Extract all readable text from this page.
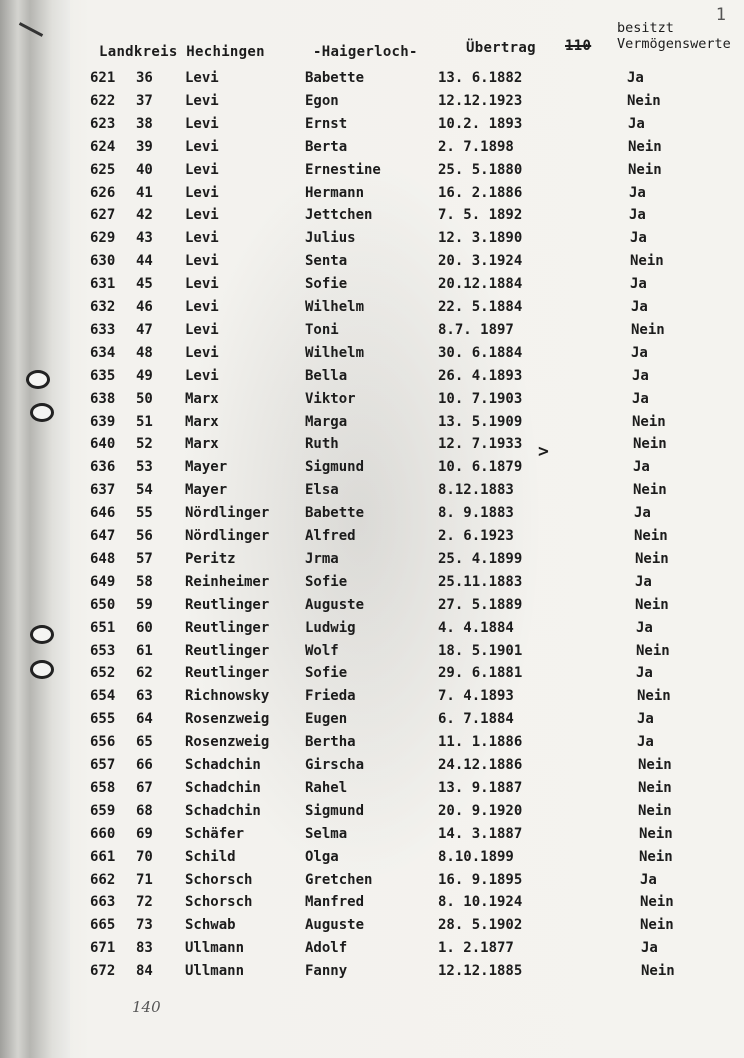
1
Landkreis Hechingen	-Haigerloch-	Übertrag 110
besitzt
Vermögenswerte
621 36 Levi	Babette	13. 6.1882	Ja
622 37 Levi	Egon	12.12.1923	Nein
623 38 Levi	Ernst	10.2. 1893	Ja
624 39 Levi	Berta	2. 7.1898	Nein
625 40 Levi	Ernestine	25. 5.1880	Nein
626 41 Levi	Hermann	16. 2.1886	Ja
627 42 Levi	Jettchen	7. 5. 1892	Ja
629 43 Levi	Julius	12. 3.1890	Ja
630 44 Levi	Senta	20. 3.1924	Nein
631 45 Levi	Sofie	20.12.1884	Ja
632 46 Levi	Wilhelm	22. 5.1884	Ja
633 47 Levi	Toni	8.7. 1897	Nein
634 48 Levi	Wilhelm	30. 6.1884	Ja
635 49 Levi	Bella	26. 4.1893	Ja
638 50 Marx	Viktor	10. 7.1903	Ja
639 51 Marx	Marga	13. 5.1909	Nein
640 52 Marx	Ruth	12. 7.1933	Nein
636 53 Mayer	Sigmund	10. 6.1879	Ja
637 54 Mayer	Elsa	8.12.1883	Nein
646 55 Nördlinger	Babette	8. 9.1883	Ja
647 56 Nördlinger	Alfred	2. 6.1923	Nein
648 57 Peritz	Jrma	25. 4.1899	Nein
649 58 Reinheimer	Sofie	25.11.1883	Ja
650 59 Reutlinger	Auguste	27. 5.1889	Nein
651 60 Reutlinger	Ludwig	4. 4.1884	Ja
653 61 Reutlinger	Wolf	18. 5.1901	Nein
652 62 Reutlinger	Sofie	29. 6.1881	Ja
654 63 Richnowsky	Frieda	7. 4.1893	Nein
655 64 Rosenzweig	Eugen	6. 7.1884	Ja
656 65 Rosenzweig	Bertha	11. 1.1886	Ja
657 66 Schadchin	Girscha	24.12.1886	Nein
658 67 Schadchin	Rahel	13. 9.1887	Nein
659 68 Schadchin	Sigmund	20. 9.1920	Nein
660 69 Schäfer	Selma	14. 3.1887	Nein
661 70 Schild	Olga	8.10.1899	Nein
662 71 Schorsch	Gretchen	16. 9.1895	Ja
663 72 Schorsch	Manfred	8. 10.1924	Nein
665 73 Schwab	Auguste	28. 5.1902	Nein
671 83 Ullmann	Adolf	1. 2.1877	Ja
672 84 Ullmann	Fanny	12.12.1885	Nein
>
140
